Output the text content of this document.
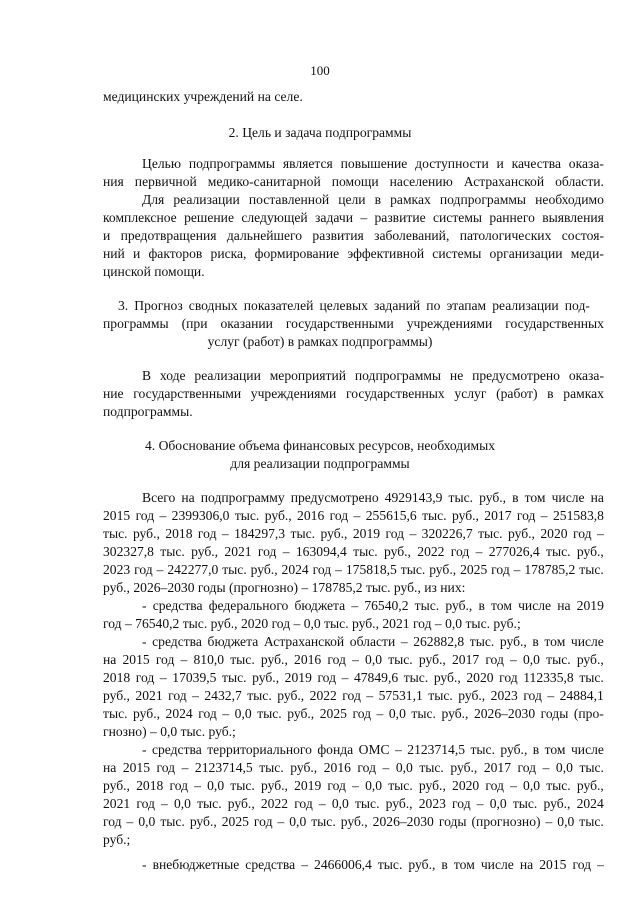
100
медицинских учреждений на селе.
2. Цель и задача подпрограммы
Целью подпрограммы является повышение доступности и качества оказа-
ния первичной медико-санитарной помощи населению Астраханской области.
Для реализации поставленной цели в рамках подпрограммы необходимо
комплексное решение следующей задачи – развитие системы раннего выявления
и предотвращения дальнейшего развития заболеваний, патологических состоя-
ний и факторов риска, формирование эффективной системы организации меди-
цинской помощи.
3. Прогноз сводных показателей целевых заданий по этапам реализации под-
программы (при оказании государственными учреждениями государственных
услуг (работ) в рамках подпрограммы)
В ходе реализации мероприятий подпрограммы не предусмотрено оказа-
ние государственными учреждениями государственных услуг (работ) в рамках
подпрограммы.
4. Обоснование объема финансовых ресурсов, необходимых
для реализации подпрограммы
Всего на подпрограмму предусмотрено 4929143,9 тыс. руб., в том числе на
2015 год – 2399306,0 тыс. руб., 2016 год – 255615,6 тыс. руб., 2017 год – 251583,8
тыс. руб., 2018 год – 184297,3 тыс. руб., 2019 год – 320226,7 тыс. руб., 2020 год –
302327,8 тыс. руб., 2021 год – 163094,4 тыс. руб., 2022 год – 277026,4 тыс. руб.,
2023 год – 242277,0 тыс. руб., 2024 год – 175818,5 тыс. руб., 2025 год – 178785,2 тыс.
руб., 2026–2030 годы (прогнозно) – 178785,2 тыс. руб., из них:
- средства федерального бюджета – 76540,2 тыс. руб., в том числе на 2019
год – 76540,2 тыс. руб., 2020 год – 0,0 тыс. руб., 2021 год – 0,0 тыс. руб.;
- средства бюджета Астраханской области – 262882,8 тыс. руб., в том числе
на 2015 год – 810,0 тыс. руб., 2016 год – 0,0 тыс. руб., 2017 год – 0,0 тыс. руб.,
2018 год – 17039,5 тыс. руб., 2019 год – 47849,6 тыс. руб., 2020 год 112335,8 тыс.
руб., 2021 год – 2432,7 тыс. руб., 2022 год – 57531,1 тыс. руб., 2023 год – 24884,1
тыс. руб., 2024 год – 0,0 тыс. руб., 2025 год – 0,0 тыс. руб., 2026–2030 годы (про-
гнозно) – 0,0 тыс. руб.;
- средства территориального фонда ОМС – 2123714,5 тыс. руб., в том числе
на 2015 год – 2123714,5 тыс. руб., 2016 год – 0,0 тыс. руб., 2017 год – 0,0 тыс.
руб., 2018 год – 0,0 тыс. руб., 2019 год – 0,0 тыс. руб., 2020 год – 0,0 тыс. руб.,
2021 год – 0,0 тыс. руб., 2022 год – 0,0 тыс. руб., 2023 год – 0,0 тыс. руб., 2024
год – 0,0 тыс. руб., 2025 год – 0,0 тыс. руб., 2026–2030 годы (прогнозно) – 0,0 тыс.
руб.;
- внебюджетные средства – 2466006,4 тыс. руб., в том числе на 2015 год –
